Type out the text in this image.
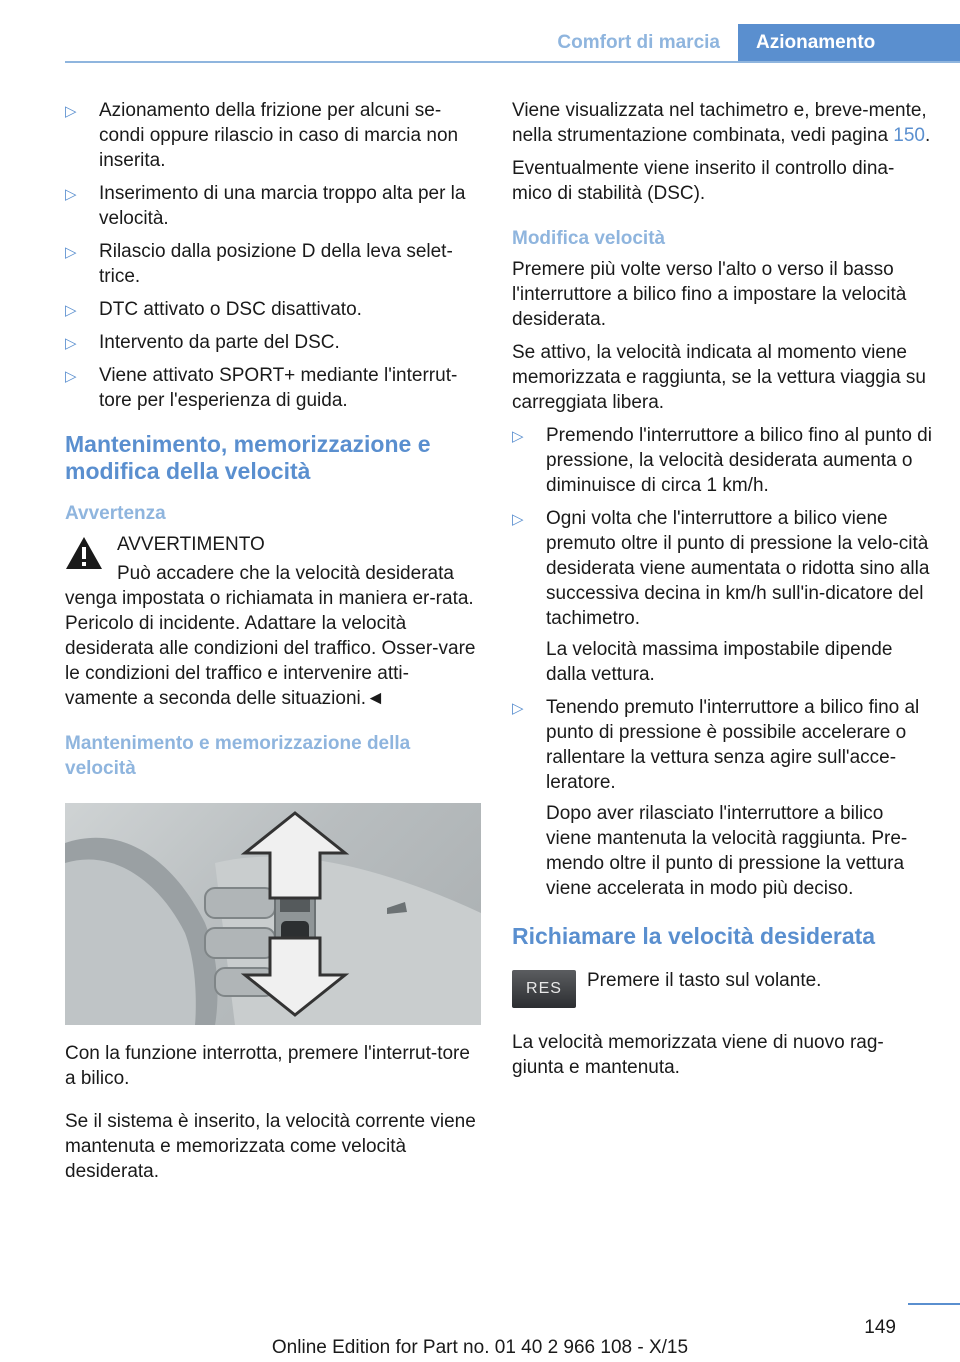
Comfort di marcia	Azionamento
▷ Azionamento della frizione per alcuni se-condi oppure rilascio in caso di marcia non inserita.
▷ Inserimento di una marcia troppo alta per la velocità.
▷ Rilascio dalla posizione D della leva selet-trice.
▷ DTC attivato o DSC disattivato.
▷ Intervento da parte del DSC.
▷ Viene attivato SPORT+ mediante l'interrut-tore per l'esperienza di guida.
Mantenimento, memorizzazione e modifica della velocità
Avvertenza
AVVERTIMENTO

Può accadere che la velocità desiderata venga impostata o richiamata in maniera er-rata. Pericolo di incidente. Adattare la velocità desiderata alle condizioni del traffico. Osser-vare le condizioni del traffico e intervenire atti-vamente a seconda delle situazioni.◄

Mantenimento e memorizzazione della velocità

Con la funzione interrotta, premere l'interrut-tore a bilico.

Se il sistema è inserito, la velocità corrente viene mantenuta e memorizzata come velocità desiderata.

Viene visualizzata nel tachimetro e, breve-mente, nella strumentazione combinata, vedi pagina 150.

Eventualmente viene inserito il controllo dina-mico di stabilità (DSC).

Modifica velocità

Premere più volte verso l'alto o verso il basso l'interruttore a bilico fino a impostare la velocità desiderata.

Se attivo, la velocità indicata al momento viene memorizzata e raggiunta, se la vettura viaggia su carreggiata libera.

▷ Premendo l'interruttore a bilico fino al punto di pressione, la velocità desiderata aumenta o diminuisce di circa 1 km/h.
▷ Ogni volta che l'interruttore a bilico viene premuto oltre il punto di pressione la velo-cità desiderata viene aumentata o ridotta sino alla successiva decina in km/h sull'in-dicatore del tachimetro.

La velocità massima impostabile dipende dalla vettura.

▷ Tenendo premuto l'interruttore a bilico fino al punto di pressione è possibile accelerare o rallentare la vettura senza agire sull'acce-leratore.

Dopo aver rilasciato l'interruttore a bilico viene mantenuta la velocità raggiunta. Pre-mendo oltre il punto di pressione la vettura viene accelerata in modo più deciso.

Richiamare la velocità desiderata
RES	Premere il tasto sul volante.

La velocità memorizzata viene di nuovo rag-giunta e mantenuta.

149
Online Edition for Part no. 01 40 2 966 108 - X/15
